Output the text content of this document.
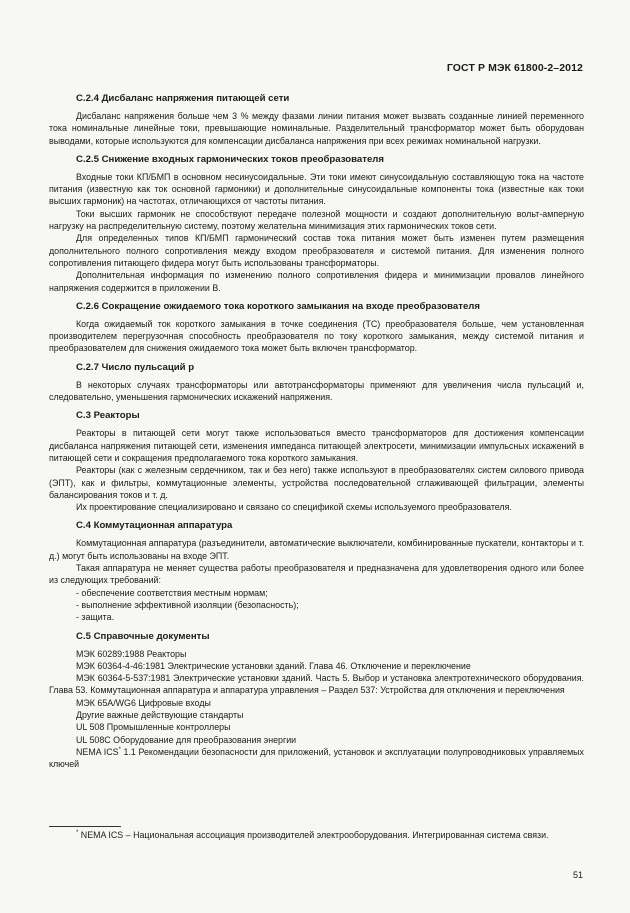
ГОСТ Р МЭК 61800-2–2012
С.2.4 Дисбаланс напряжения питающей сети

Дисбаланс напряжения больше чем 3 % между фазами линии питания может вызвать созданные линией переменного тока номинальные линейные токи, превышающие номинальные. Разделительный трансформатор может быть оборудован выводами, которые используются для компенсации дисбаланса напряжения при всех режимах номинальной нагрузки.

С.2.5 Снижение входных гармонических токов преобразователя

Входные токи КП/БМП в основном несинусоидальные. Эти токи имеют синусоидальную составляющую тока на частоте питания (известную как ток основной гармоники) и дополнительные синусоидальные компоненты тока (известные как токи высших гармоник) на частотах, отличающихся от частоты питания.

Токи высших гармоник не способствуют передаче полезной мощности и создают дополнительную вольт-амперную нагрузку на распределительную систему, поэтому желательна минимизация этих гармонических токов сети.

Для определенных типов КП/БМП гармонический состав тока питания может быть изменен путем размещения дополнительного полного сопротивления между входом преобразователя и системой питания. Для изменения полного сопротивления питающего фидера могут быть использованы трансформаторы.

Дополнительная информация по изменению полного сопротивления фидера и минимизации провалов линейного напряжения содержится в приложении В.

С.2.6 Сокращение ожидаемого тока короткого замыкания на входе преобразователя

Когда ожидаемый ток короткого замыкания в точке соединения (ТС) преобразователя больше, чем установленная производителем перегрузочная способность преобразователя по току короткого замыкания, между системой питания и преобразователем для снижения ожидаемого тока может быть включен трансформатор.

С.2.7 Число пульсаций p

В некоторых случаях трансформаторы или автотрансформаторы применяют для увеличения числа пульсаций и, следовательно, уменьшения гармонических искажений напряжения.

С.3 Реакторы

Реакторы в питающей сети могут также использоваться вместо трансформаторов для достижения компенсации дисбаланса напряжения питающей сети, изменения импеданса питающей электросети, минимизации импульсных искажений в питающей сети и сокращения предполагаемого тока короткого замыкания.

Реакторы (как с железным сердечником, так и без него) также используют в преобразователях систем силового привода (ЭПТ), как и фильтры, коммутационные элементы, устройства последовательной сглаживающей фильтрации, элементы балансирования токов и т. д.

Их проектирование специализировано и связано со спецификой схемы используемого преобразователя.

С.4 Коммутационная аппаратура

Коммутационная аппаратура (разъединители, автоматические выключатели, комбинированные пускатели, контакторы и т. д.) могут быть использованы на входе ЭПТ.

Такая аппаратура не меняет существа работы преобразователя и предназначена для удовлетворения одного или более из следующих требований:

- обеспечение соответствия местным нормам;
- выполнение эффективной изоляции (безопасность);
- защита.
С.5 Справочные документы
МЭК 60289:1988 Реакторы
МЭК 60364-4-46:1981 Электрические установки зданий. Глава 46. Отключение и переключение

МЭК 60364-5-537:1981 Электрические установки зданий. Часть 5. Выбор и установка электротехнического оборудования. Глава 53. Коммутационная аппаратура и аппаратура управления – Раздел 537: Устройства для отключения и переключения

МЭК 65A/WG6 Цифровые входы
Другие важные действующие стандарты
UL 508 Промышленные контроллеры
UL 508C Оборудование для преобразования энергии

NEMA ICS* 1.1 Рекомендации безопасности для приложений, установок и эксплуатации полупроводниковых управляемых ключей

* NEMA ICS – Национальная ассоциация производителей электрооборудования. Интегрированная система связи.
51
